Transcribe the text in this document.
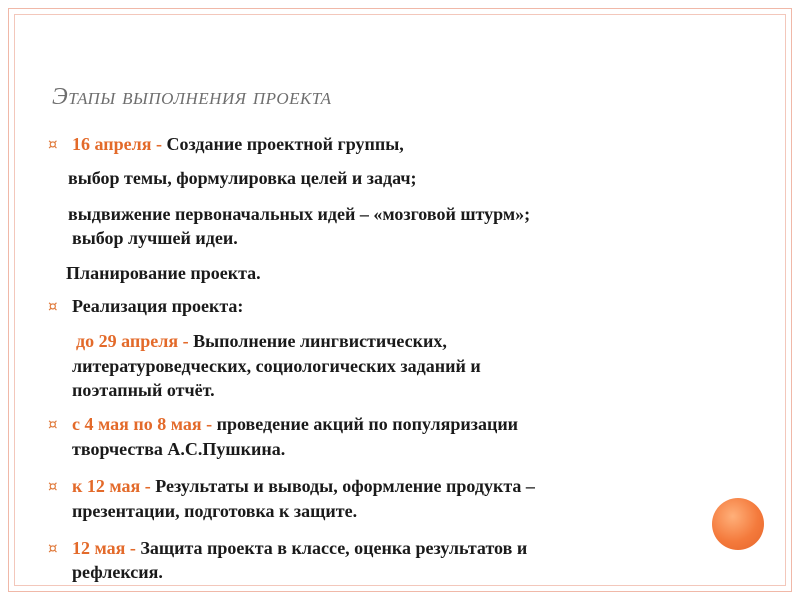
Этапы выполнения проекта
¤
¤
¤
¤
¤
16 апреля - Создание проектной группы,
выбор темы, формулировка целей и задач;
выдвижение первоначальных идей – «мозговой штурм»;
выбор лучшей идеи.
Планирование проекта.
Реализация проекта:
до 29 апреля - Выполнение лингвистических,
литературоведческих, социологических заданий и
поэтапный отчёт.
с 4 мая по 8 мая - проведение акций по популяризации
творчества А.С.Пушкина.
к 12 мая - Результаты и выводы, оформление продукта –
презентации, подготовка к защите.
12 мая - Защита проекта в классе, оценка результатов и
рефлексия.
